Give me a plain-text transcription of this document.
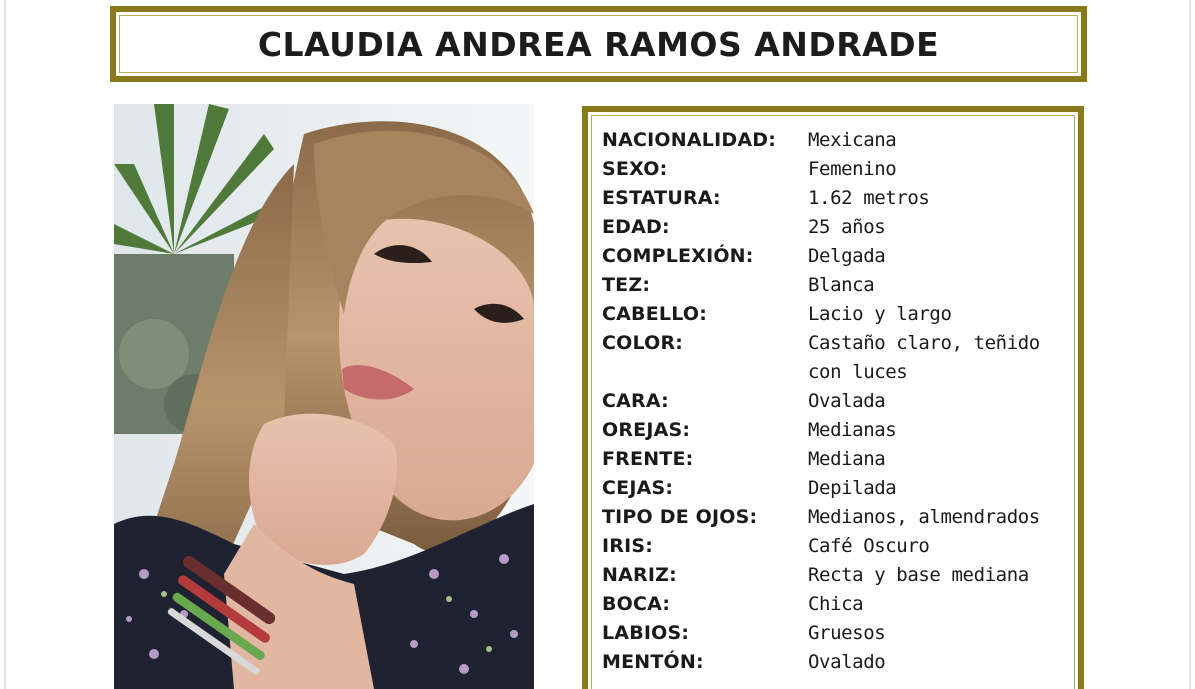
CLAUDIA ANDREA RAMOS ANDRADE
NACIONALIDAD:	Mexicana
SEXO:	Femenino
ESTATURA:	1.62 metros
EDAD:	25 años
COMPLEXIÓN:	Delgada
TEZ:	Blanca
CABELLO:	Lacio y largo
COLOR:	Castaño claro, teñido
con luces
CARA:	Ovalada
OREJAS:	Medianas
FRENTE:	Mediana
CEJAS:	Depilada
TIPO DE OJOS:	Medianos, almendrados
IRIS:	Café Oscuro
NARIZ:	Recta y base mediana
BOCA:	Chica
LABIOS:	Gruesos
MENTÓN:	Ovalado
